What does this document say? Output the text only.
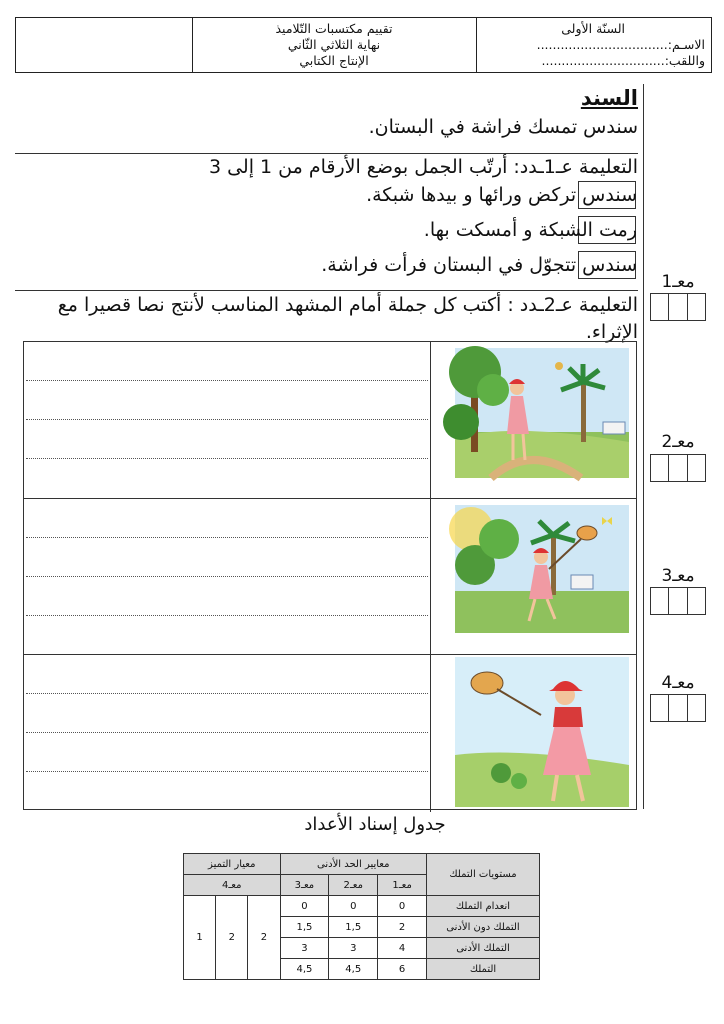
تقييم مكتسبات التّلاميذ
نهاية الثلاثي الثّاني
الإنتاج الكتابي
السنّة الأولى
الاسـم:.................................
واللقب:...............................
السند
سندس تمسك فراشة في البستان.
التعليمة عـ1ـدد: أرتّب الجمل بوضع الأرقام من 1 إلى 3
سندس تركض ورائها و بيدها شبكة.
رمت الشبكة و أمسكت بها.
سندس تتجوّل في البستان فرأت فراشة.
التعليمة عـ2ـدد : أكتب كل جملة أمام المشهد المناسب لأنتج نصا قصيرا مع الإثراء.
معـ1
معـ2
معـ3
معـ4
جدول إسناد الأعداد
مستويات التملك	معايير الحد الأدنى			معيار التميز		
	معـ1	معـ2	معـ3	معـ4		
انعدام التملك	0	0	0	2	2	1
التملك دون الأدنى	2	1,5	1,5			
التملك الأدنى	4	3	3			
التملك	6	4,5	4,5			
